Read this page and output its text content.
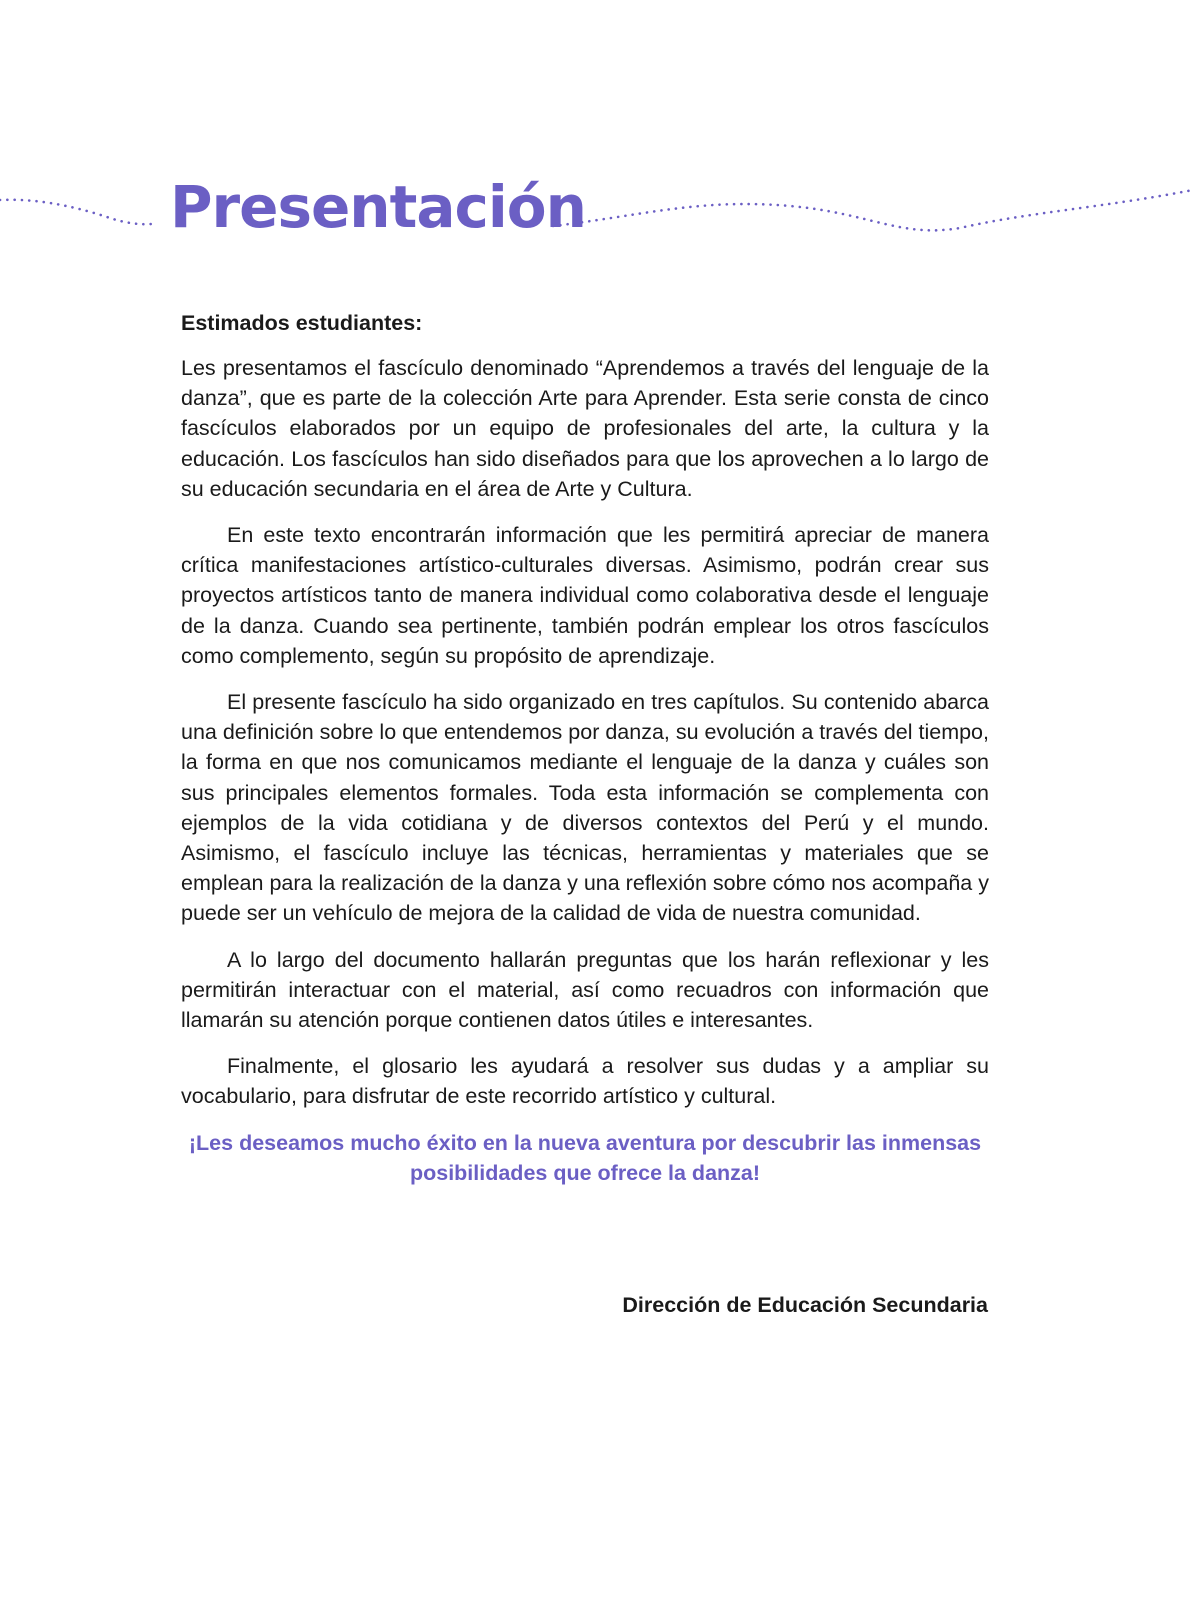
Presentación

Estimados estudiantes:

Les presentamos el fascículo denominado “Aprendemos a través del lenguaje de la danza”, que es parte de la colección Arte para Aprender. Esta serie consta de cinco fascículos elaborados por un equipo de profesionales del arte, la cultura y la educación. Los fascículos han sido diseñados para que los aprovechen a lo largo de su educación secundaria en el área de Arte y Cultura.

En este texto encontrarán información que les permitirá apreciar de manera crítica manifestaciones artístico-culturales diversas. Asimismo, podrán crear sus proyectos artísticos tanto de manera individual como colaborativa desde el lenguaje de la danza. Cuando sea pertinente, también podrán emplear los otros fascículos como complemento, según su propósito de aprendizaje.

El presente fascículo ha sido organizado en tres capítulos. Su contenido abarca una definición sobre lo que entendemos por danza, su evolución a través del tiempo, la forma en que nos comunicamos mediante el lenguaje de la danza y cuáles son sus principales elementos formales. Toda esta información se complementa con ejemplos de la vida cotidiana y de diversos contextos del Perú y el mundo. Asimismo, el fascículo incluye las técnicas, herramientas y materiales que se emplean para la realización de la danza y una reflexión sobre cómo nos acompaña y puede ser un vehículo de mejora de la calidad de vida de nuestra comunidad.

A lo largo del documento hallarán preguntas que los harán reflexionar y les permitirán interactuar con el material, así como recuadros con información que llamarán su atención porque contienen datos útiles e interesantes.

Finalmente, el glosario les ayudará a resolver sus dudas y a ampliar su vocabulario, para disfrutar de este recorrido artístico y cultural.

¡Les deseamos mucho éxito en la nueva aventura por descubrir las inmensas posibilidades que ofrece la danza!

Dirección de Educación Secundaria
